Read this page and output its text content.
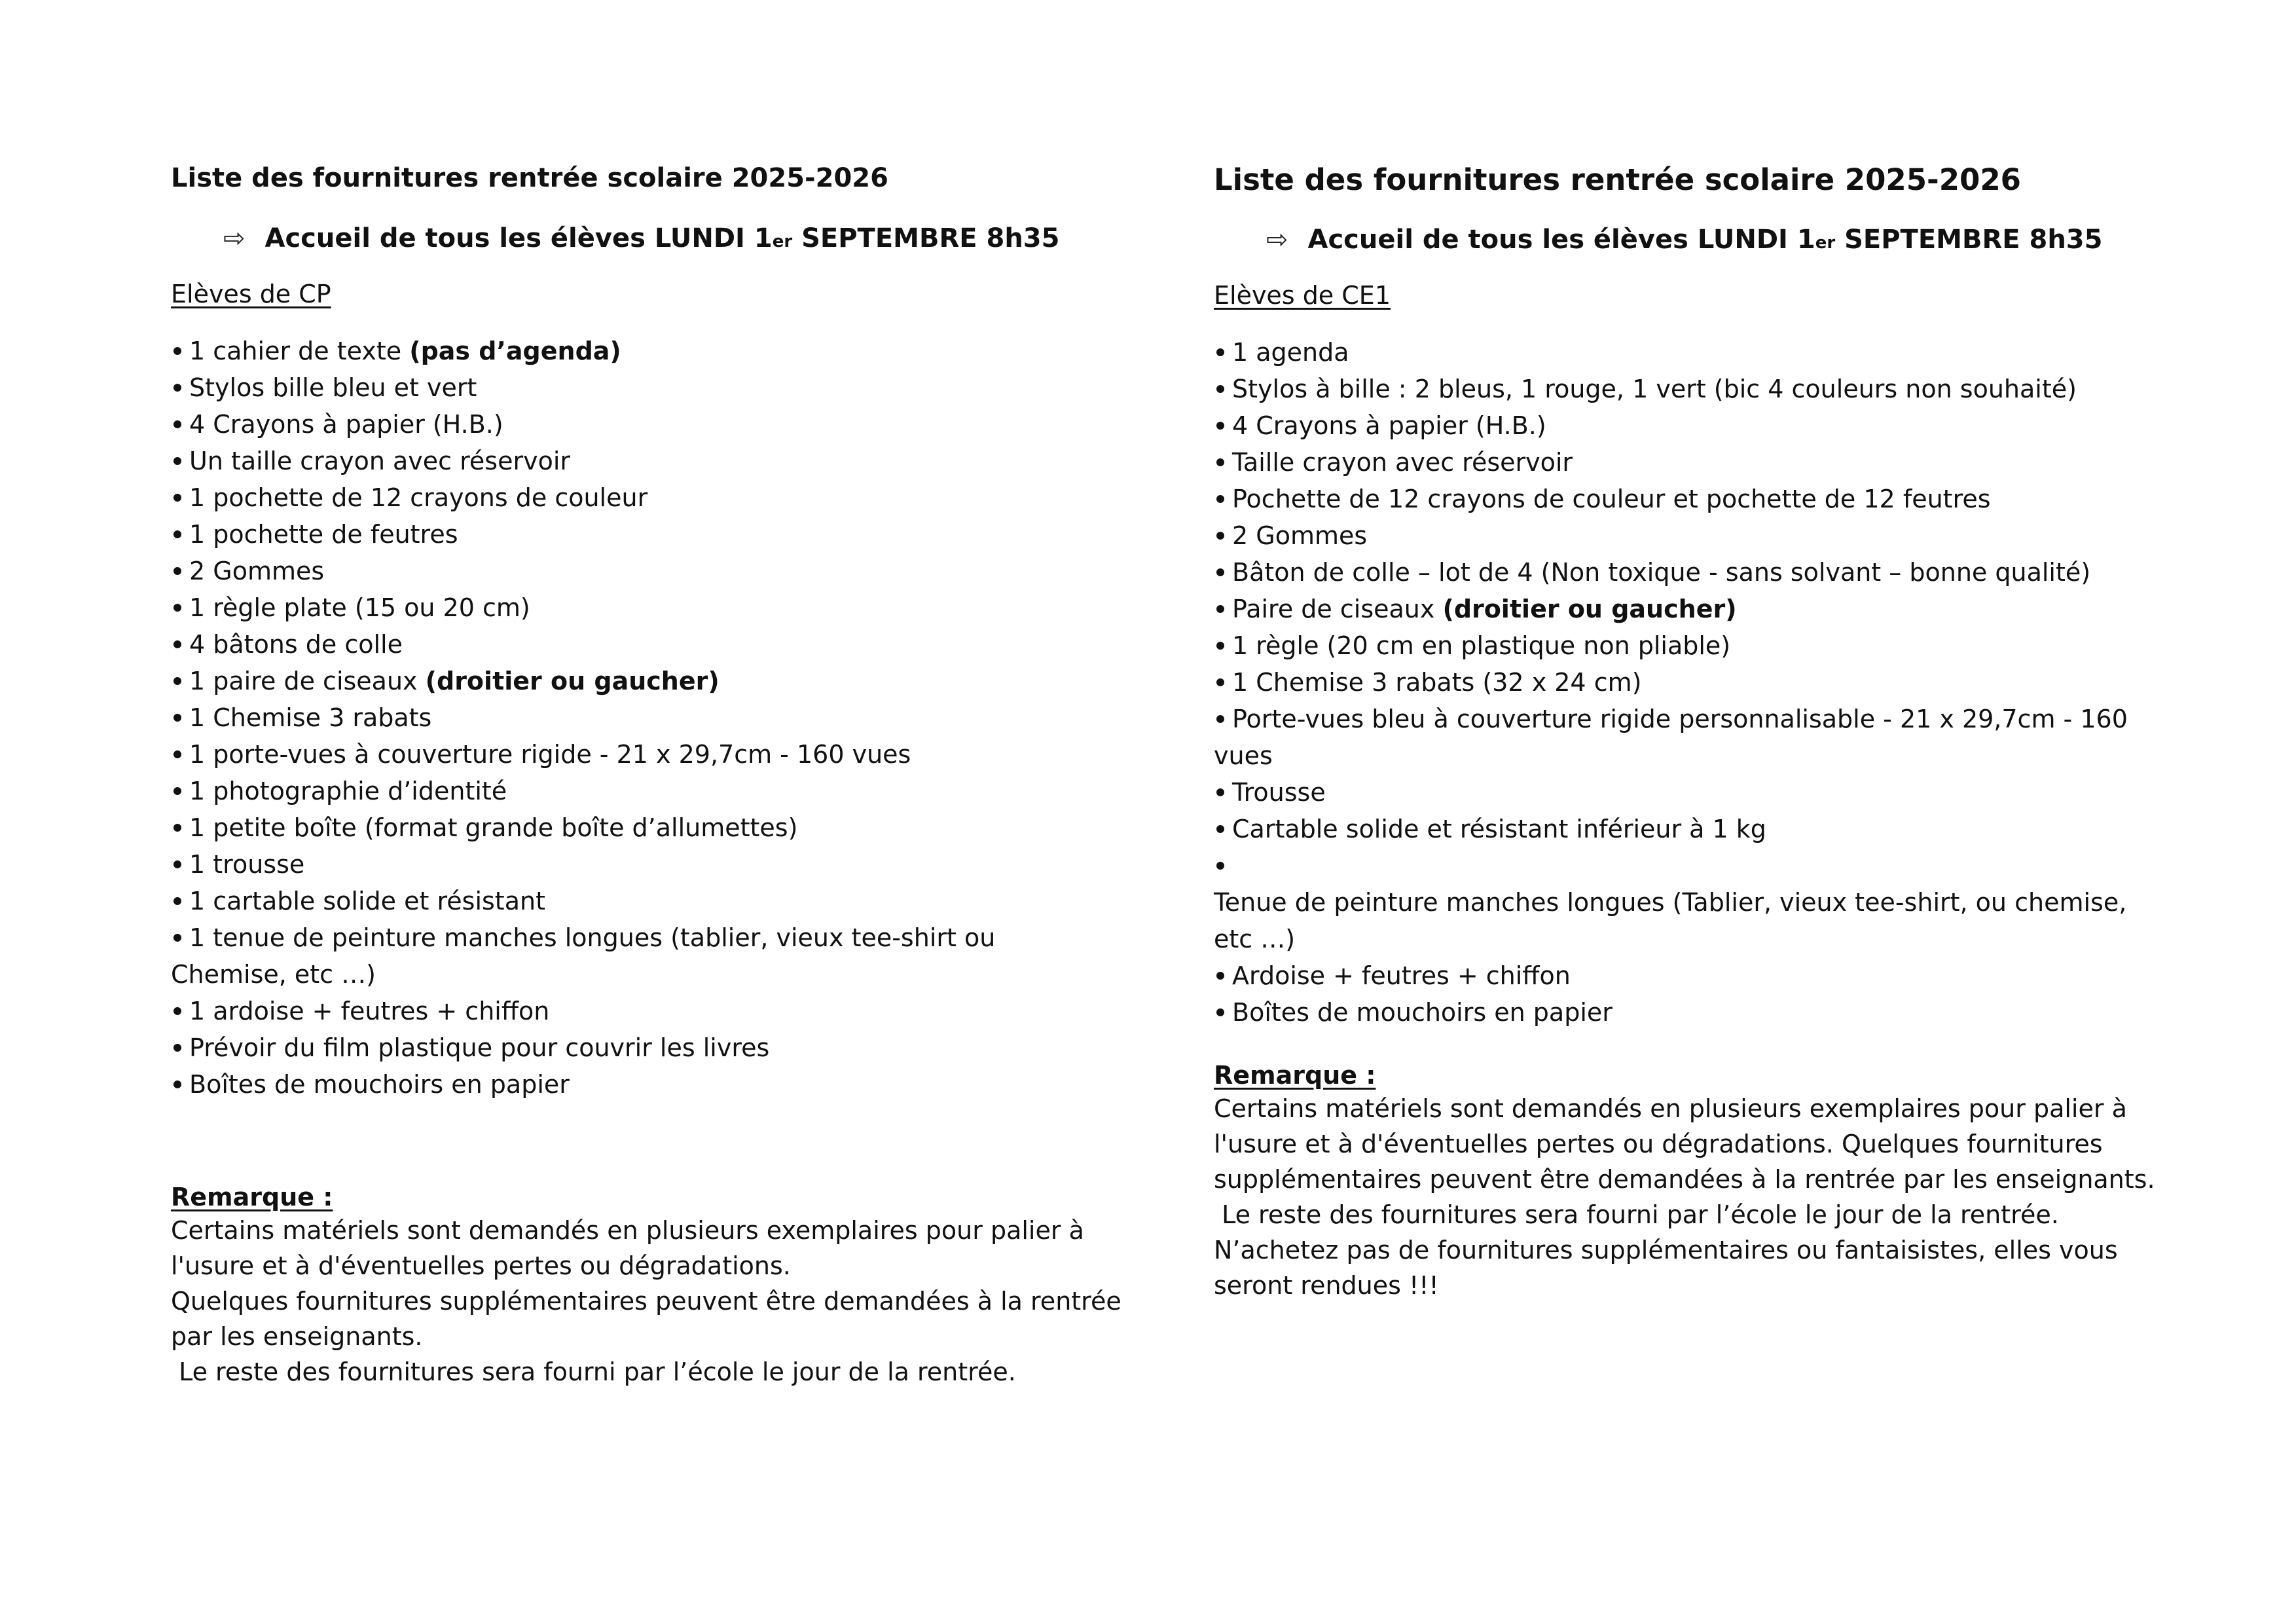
Liste des fournitures rentrée scolaire 2025-2026
⇨ Accueil de tous les élèves LUNDI 1 er SEPTEMBRE 8h35
Elèves de CP
1 cahier de texte (pas d’agenda)
Stylos bille bleu et vert
4 Crayons à papier (H.B.)
Un taille crayon avec réservoir
1 pochette de 12 crayons de couleur
1 pochette de feutres
2 Gommes
1 règle plate (15 ou 20 cm)
4 bâtons de colle
1 paire de ciseaux (droitier ou gaucher)
1 Chemise 3 rabats
1 porte-vues à couverture rigide - 21 x 29,7cm - 160 vues
1 photographie d’identité
1 petite boîte (format grande boîte d’allumettes)
1 trousse
1 cartable solide et résistant
1 tenue de peinture manches longues (tablier, vieux tee-shirt ou
Chemise, etc …)
1 ardoise + feutres + chiffon
Prévoir du film plastique pour couvrir les livres
Boîtes de mouchoirs en papier
Remarque :

Certains matériels sont demandés en plusieurs exemplaires pour palier à

l'usure et à d'éventuelles pertes ou dégradations.

Quelques fournitures supplémentaires peuvent être demandées à la rentrée

par les enseignants.

Le reste des fournitures sera fourni par l’école le jour de la rentrée.

Liste des fournitures rentrée scolaire 2025-2026
⇨ Accueil de tous les élèves LUNDI 1 er SEPTEMBRE 8h35
Elèves de CE1
1 agenda
Stylos à bille : 2 bleus, 1 rouge, 1 vert (bic 4 couleurs non souhaité)
4 Crayons à papier (H.B.)
Taille crayon avec réservoir
Pochette de 12 crayons de couleur et pochette de 12 feutres
2 Gommes
Bâton de colle – lot de 4 (Non toxique - sans solvant – bonne qualité)
Paire de ciseaux (droitier ou gaucher)
1 règle (20 cm en plastique non pliable)
1 Chemise 3 rabats (32 x 24 cm)
Porte-vues bleu à couverture rigide personnalisable - 21 x 29,7cm - 160
vues
Trousse
Cartable solide et résistant inférieur à 1 kg
Tenue de peinture manches longues (Tablier, vieux tee-shirt, ou chemise,
etc …)
Ardoise + feutres + chiffon
Boîtes de mouchoirs en papier
Remarque :

Certains matériels sont demandés en plusieurs exemplaires pour palier à

l'usure et à d'éventuelles pertes ou dégradations. Quelques fournitures

supplémentaires peuvent être demandées à la rentrée par les enseignants.

Le reste des fournitures sera fourni par l’école le jour de la rentrée.

N’achetez pas de fournitures supplémentaires ou fantaisistes, elles vous

seront rendues !!!
